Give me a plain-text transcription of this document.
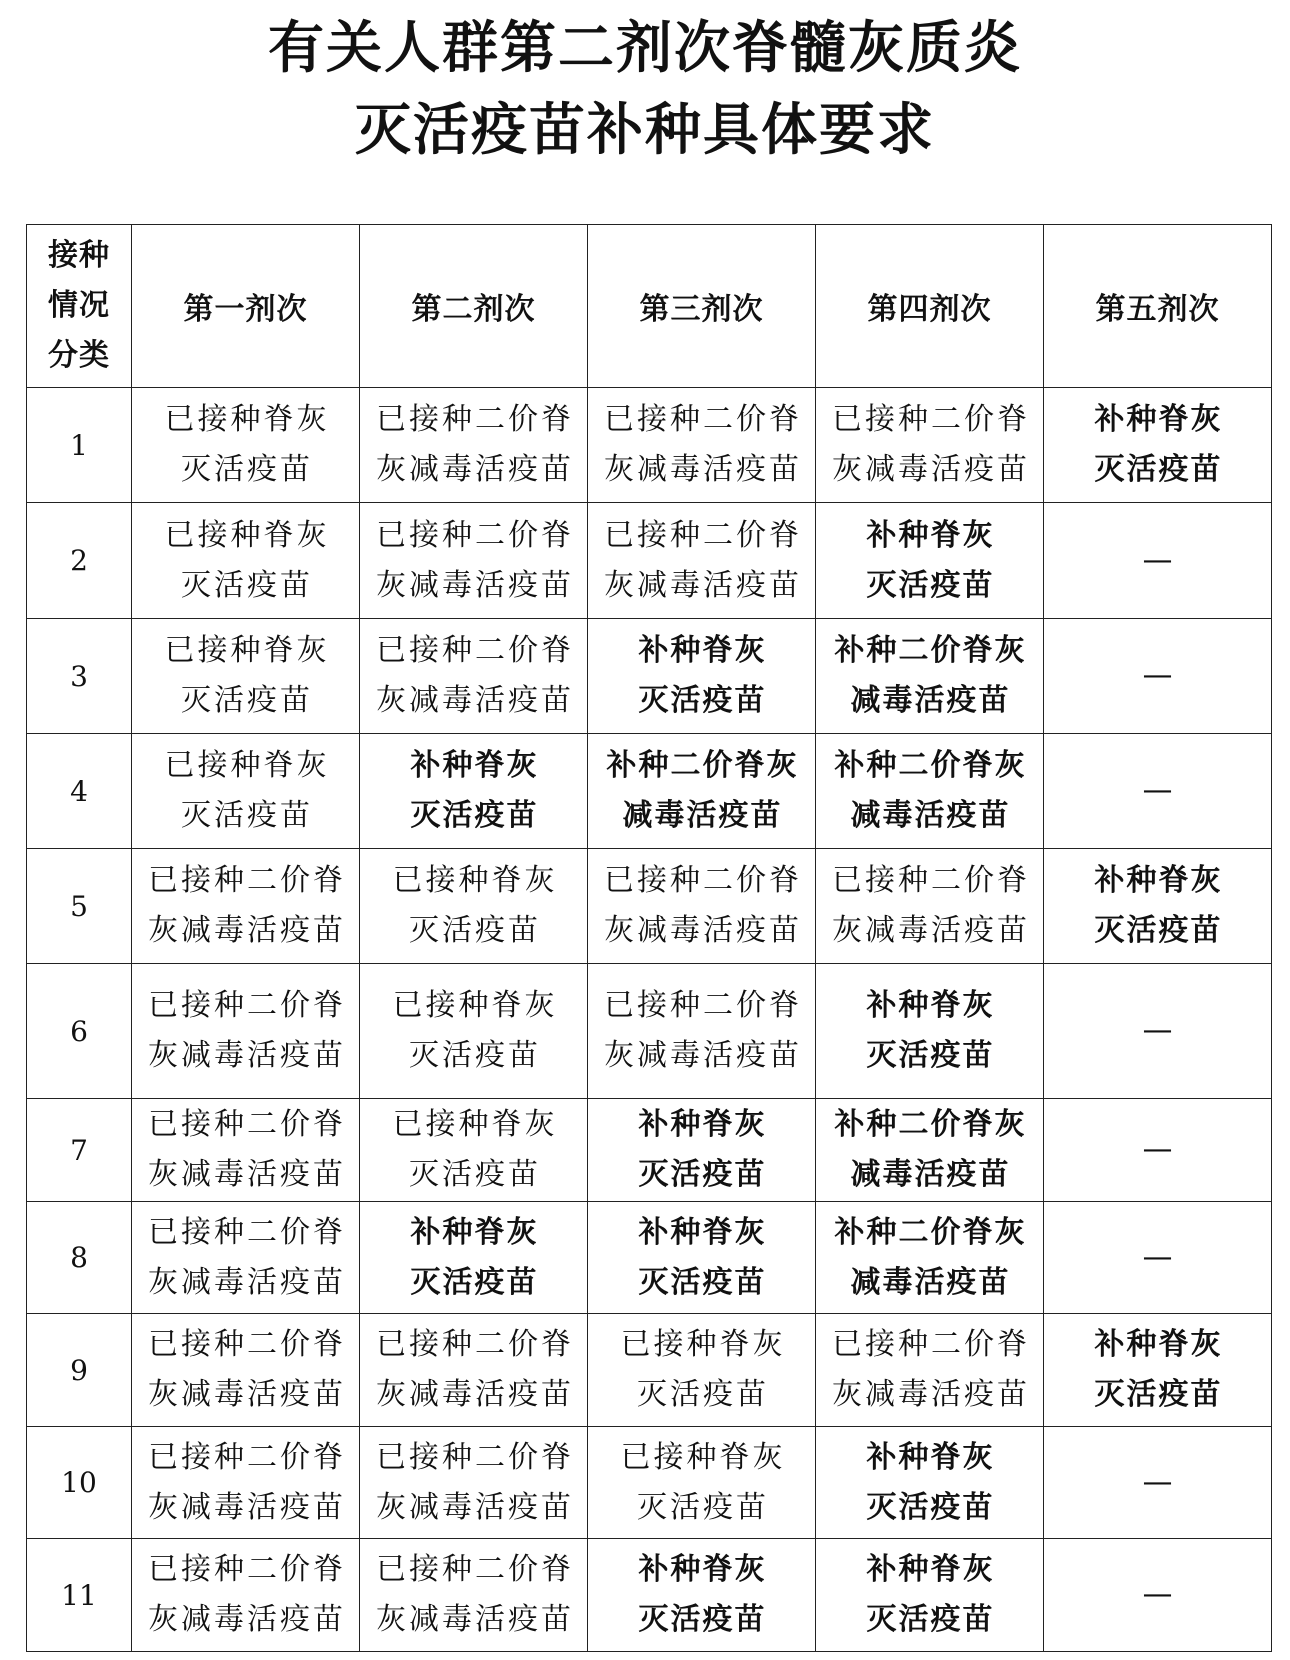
有关人群第二剂次脊髓灰质炎
灭活疫苗补种具体要求
接种
情况
分类	第一剂次	第二剂次	第三剂次	第四剂次	第五剂次
1	已接种脊灰
灭活疫苗	已接种二价脊
灰减毒活疫苗	已接种二价脊
灰减毒活疫苗	已接种二价脊
灰减毒活疫苗	补种脊灰
灭活疫苗

2	已接种脊灰
灭活疫苗	已接种二价脊
灰减毒活疫苗	已接种二价脊
灰减毒活疫苗	补种脊灰
灭活疫苗	—

3	已接种脊灰
灭活疫苗	已接种二价脊
灰减毒活疫苗	补种脊灰
灭活疫苗	补种二价脊灰
减毒活疫苗	—

4	已接种脊灰
灭活疫苗	补种脊灰
灭活疫苗	补种二价脊灰
减毒活疫苗	补种二价脊灰
减毒活疫苗	—

5	已接种二价脊
灰减毒活疫苗	已接种脊灰
灭活疫苗	已接种二价脊
灰减毒活疫苗	已接种二价脊
灰减毒活疫苗	补种脊灰
灭活疫苗

6	已接种二价脊
灰减毒活疫苗	已接种脊灰
灭活疫苗	已接种二价脊
灰减毒活疫苗	补种脊灰
灭活疫苗	—

7	已接种二价脊
灰减毒活疫苗	已接种脊灰
灭活疫苗	补种脊灰
灭活疫苗	补种二价脊灰
减毒活疫苗	—

8	已接种二价脊
灰减毒活疫苗	补种脊灰
灭活疫苗	补种脊灰
灭活疫苗	补种二价脊灰
减毒活疫苗	—

9	已接种二价脊
灰减毒活疫苗	已接种二价脊
灰减毒活疫苗	已接种脊灰
灭活疫苗	已接种二价脊
灰减毒活疫苗	补种脊灰
灭活疫苗

10	已接种二价脊
灰减毒活疫苗	已接种二价脊
灰减毒活疫苗	已接种脊灰
灭活疫苗	补种脊灰
灭活疫苗	—

11	已接种二价脊
灰减毒活疫苗	已接种二价脊
灰减毒活疫苗	补种脊灰
灭活疫苗	补种脊灰
灭活疫苗	—
